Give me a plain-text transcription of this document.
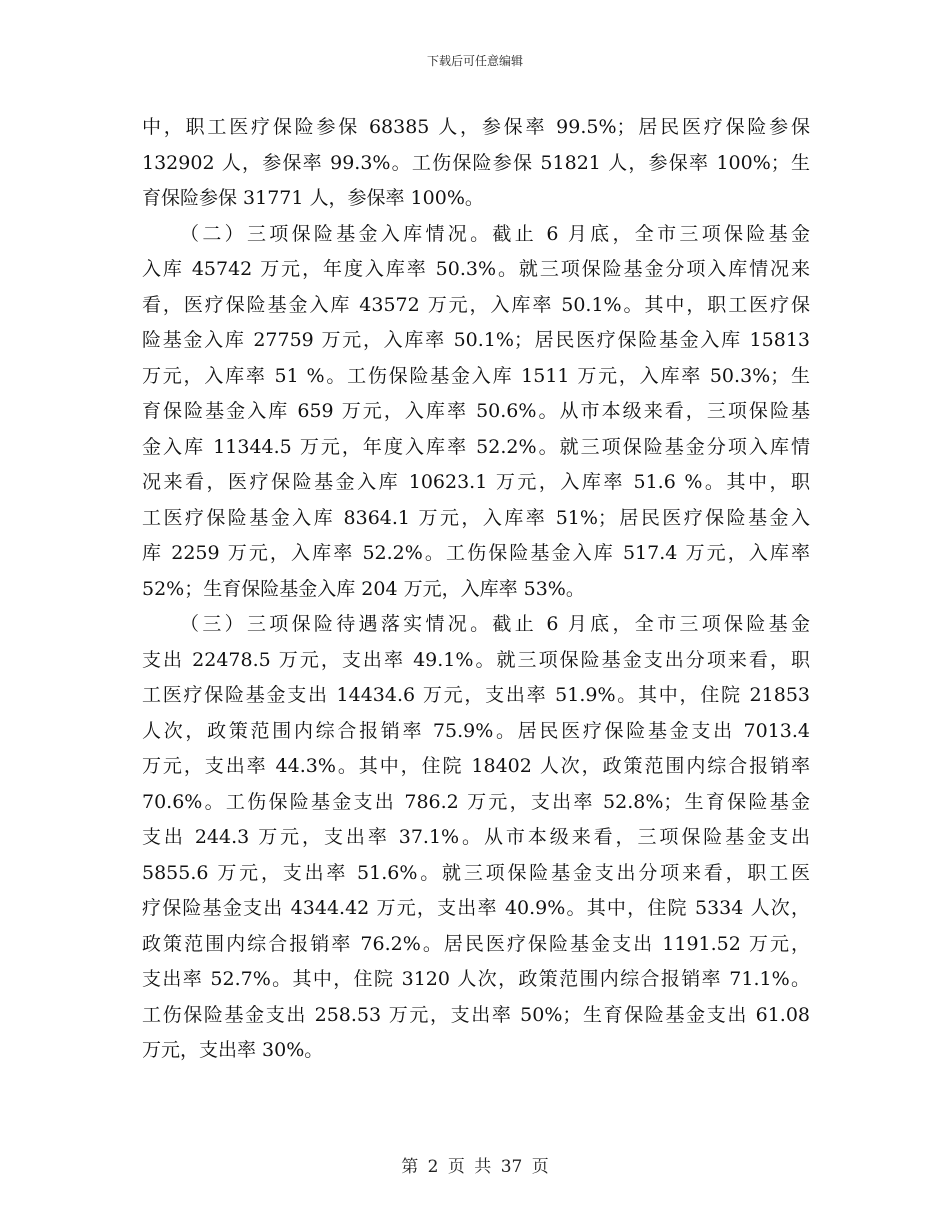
下载后可任意编辑
中，职工医疗保险参保 68385 人，参保率 99.5%；居民医疗保险参保
132902 人，参保率 99.3%。工伤保险参保 51821 人，参保率 100%；生
育保险参保 31771 人，参保率 100%。
（二）三项保险基金入库情况。截止 6 月底，全市三项保险基金
入库 45742 万元，年度入库率 50.3%。就三项保险基金分项入库情况来
看，医疗保险基金入库 43572 万元，入库率 50.1%。其中，职工医疗保
险基金入库 27759 万元，入库率 50.1%；居民医疗保险基金入库 15813
万元，入库率 51 %。工伤保险基金入库 1511 万元，入库率 50.3%；生
育保险基金入库 659 万元，入库率 50.6%。从市本级来看，三项保险基
金入库 11344.5 万元，年度入库率 52.2%。就三项保险基金分项入库情
况来看，医疗保险基金入库 10623.1 万元，入库率 51.6 %。其中，职
工医疗保险基金入库 8364.1 万元，入库率 51%；居民医疗保险基金入
库 2259 万元，入库率 52.2%。工伤保险基金入库 517.4 万元，入库率
52%；生育保险基金入库 204 万元，入库率 53%。
（三）三项保险待遇落实情况。截止 6 月底，全市三项保险基金
支出 22478.5 万元，支出率 49.1%。就三项保险基金支出分项来看，职
工医疗保险基金支出 14434.6 万元，支出率 51.9%。其中，住院 21853
人次，政策范围内综合报销率 75.9%。居民医疗保险基金支出 7013.4
万元，支出率 44.3%。其中，住院 18402 人次，政策范围内综合报销率
70.6%。工伤保险基金支出 786.2 万元，支出率 52.8%；生育保险基金
支出 244.3 万元，支出率 37.1%。从市本级来看，三项保险基金支出
5855.6 万元，支出率 51.6%。就三项保险基金支出分项来看，职工医
疗保险基金支出 4344.42 万元，支出率 40.9%。其中，住院 5334 人次，
政策范围内综合报销率 76.2%。居民医疗保险基金支出 1191.52 万元，
支出率 52.7%。其中，住院 3120 人次，政策范围内综合报销率 71.1%。
工伤保险基金支出 258.53 万元，支出率 50%；生育保险基金支出 61.08
万元，支出率 30%。
第 2 页 共 37 页
